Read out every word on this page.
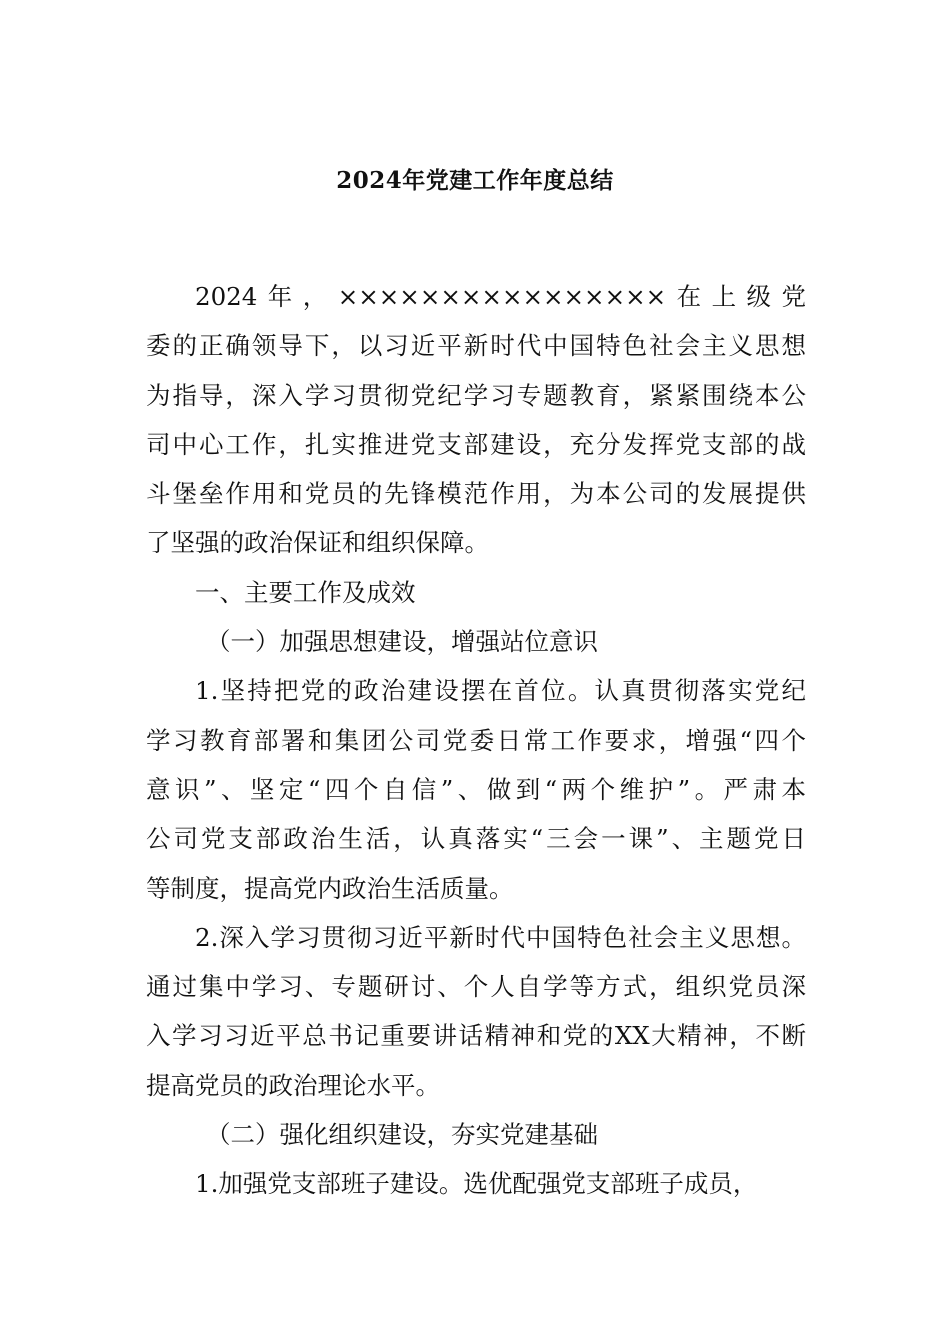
2024年党建工作年度总结
2024年，××××××××××××××××在上级党
委的正确领导下，以习近平新时代中国特色社会主义思想
为指导，深入学习贯彻党纪学习专题教育，紧紧围绕本公
司中心工作，扎实推进党支部建设，充分发挥党支部的战
斗堡垒作用和党员的先锋模范作用，为本公司的发展提供
了坚强的政治保证和组织保障。
一、主要工作及成效
（一）加强思想建设，增强站位意识
1.坚持把党的政治建设摆在首位。认真贯彻落实党纪
学习教育部署和集团公司党委日常工作要求，增强“四个
意识”、坚定“四个自信”、做到“两个维护”。严肃本
公司党支部政治生活，认真落实“三会一课”、主题党日
等制度，提高党内政治生活质量。
2.深入学习贯彻习近平新时代中国特色社会主义思想。
通过集中学习、专题研讨、个人自学等方式，组织党员深
入学习习近平总书记重要讲话精神和党的XX大精神，不断
提高党员的政治理论水平。
（二）强化组织建设，夯实党建基础
1.加强党支部班子建设。选优配强党支部班子成员，
